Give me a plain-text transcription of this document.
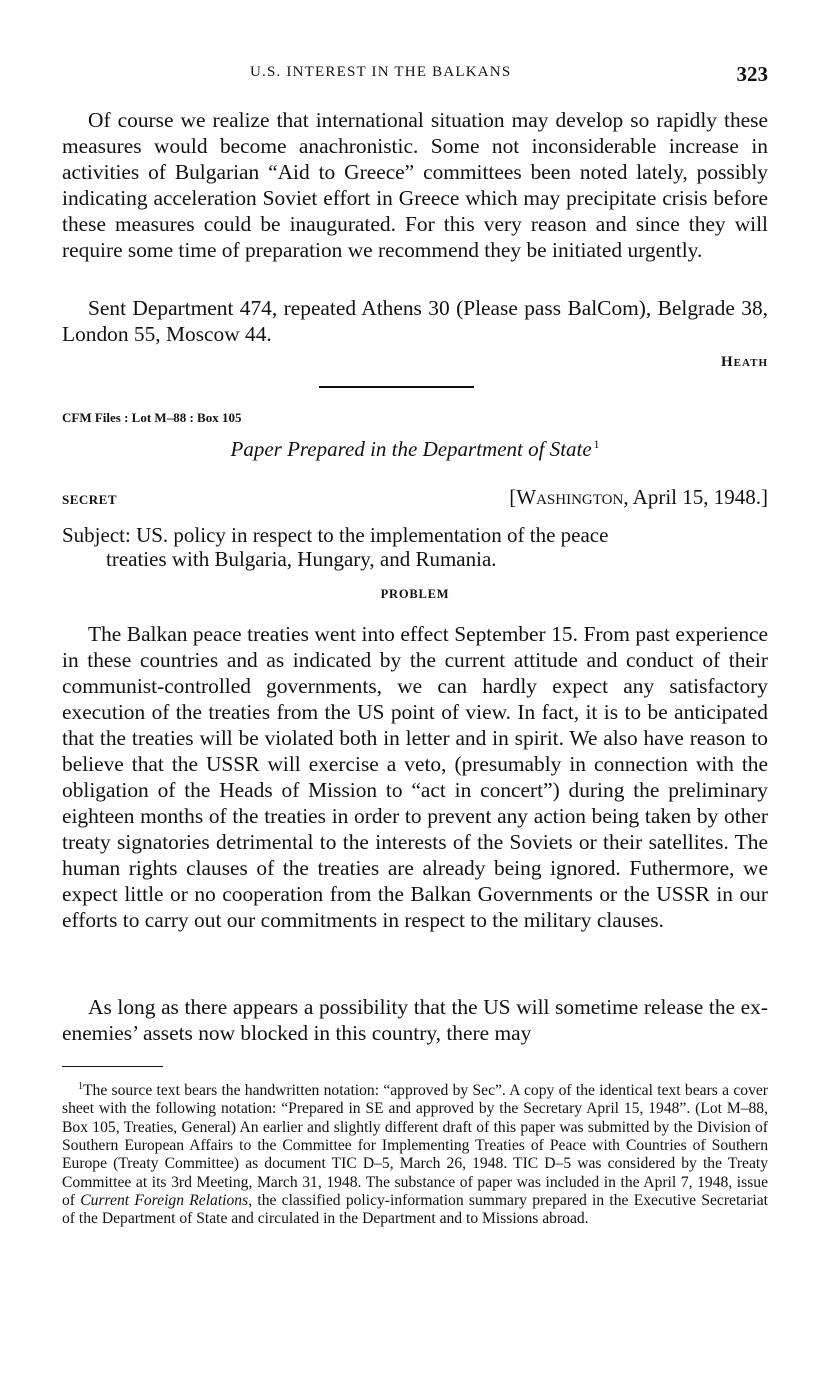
U.S. INTEREST IN THE BALKANS	323

Of course we realize that international situation may develop so rapidly these measures would become anachronistic. Some not inconsiderable increase in activities of Bulgarian “Aid to Greece” committees been noted lately, possibly indicating acceleration Soviet effort in Greece which may precipitate crisis before these measures could be inaugurated. For this very reason and since they will require some time of preparation we recommend they be initiated urgently.

Sent Department 474, repeated Athens 30 (Please pass BalCom), Belgrade 38, London 55, Moscow 44.

Heath
CFM Files : Lot M–88 : Box 105
Paper Prepared in the Department of State  $^1$
SECRET	[Washington, April 15, 1948.]
Subject: US. policy in respect to the implementation of the peace
treaties with Bulgaria, Hungary, and Rumania.
PROBLEM

The Balkan peace treaties went into effect September 15. From past experience in these countries and as indicated by the current attitude and conduct of their communist-controlled governments, we can hardly expect any satisfactory execution of the treaties from the US point of view. In fact, it is to be anticipated that the treaties will be violated both in letter and in spirit. We also have reason to believe that the USSR will exercise a veto, (presumably in connection with the obligation of the Heads of Mission to “act in concert”) during the preliminary eighteen months of the treaties in order to prevent any action being taken by other treaty signatories detrimental to the interests of the Soviets or their satellites. The human rights clauses of the treaties are already being ignored. Futhermore, we expect little or no cooperation from the Balkan Governments or the USSR in our efforts to carry out our commitments in respect to the military clauses.

As long as there appears a possibility that the US will sometime release the ex-enemies’ assets now blocked in this country, there may

$^1$The source text bears the handwritten notation: “approved by Sec”. A copy of the identical text bears a cover sheet with the following notation: “Prepared in SE and approved by the Secretary April 15, 1948”. (Lot M–88, Box 105, Treaties, General) An earlier and slightly different draft of this paper was submitted by the Division of Southern European Affairs to the Committee for Implementing Treaties of Peace with Countries of Southern Europe (Treaty Committee) as document TIC D–5, March 26, 1948. TIC D–5 was considered by the Treaty Committee at its 3rd Meeting, March 31, 1948. The substance of paper was included in the April 7, 1948, issue of Current Foreign Relations, the classified policy-information summary prepared in the Executive Secretariat of the Department of State and circulated in the Department and to Missions abroad.
